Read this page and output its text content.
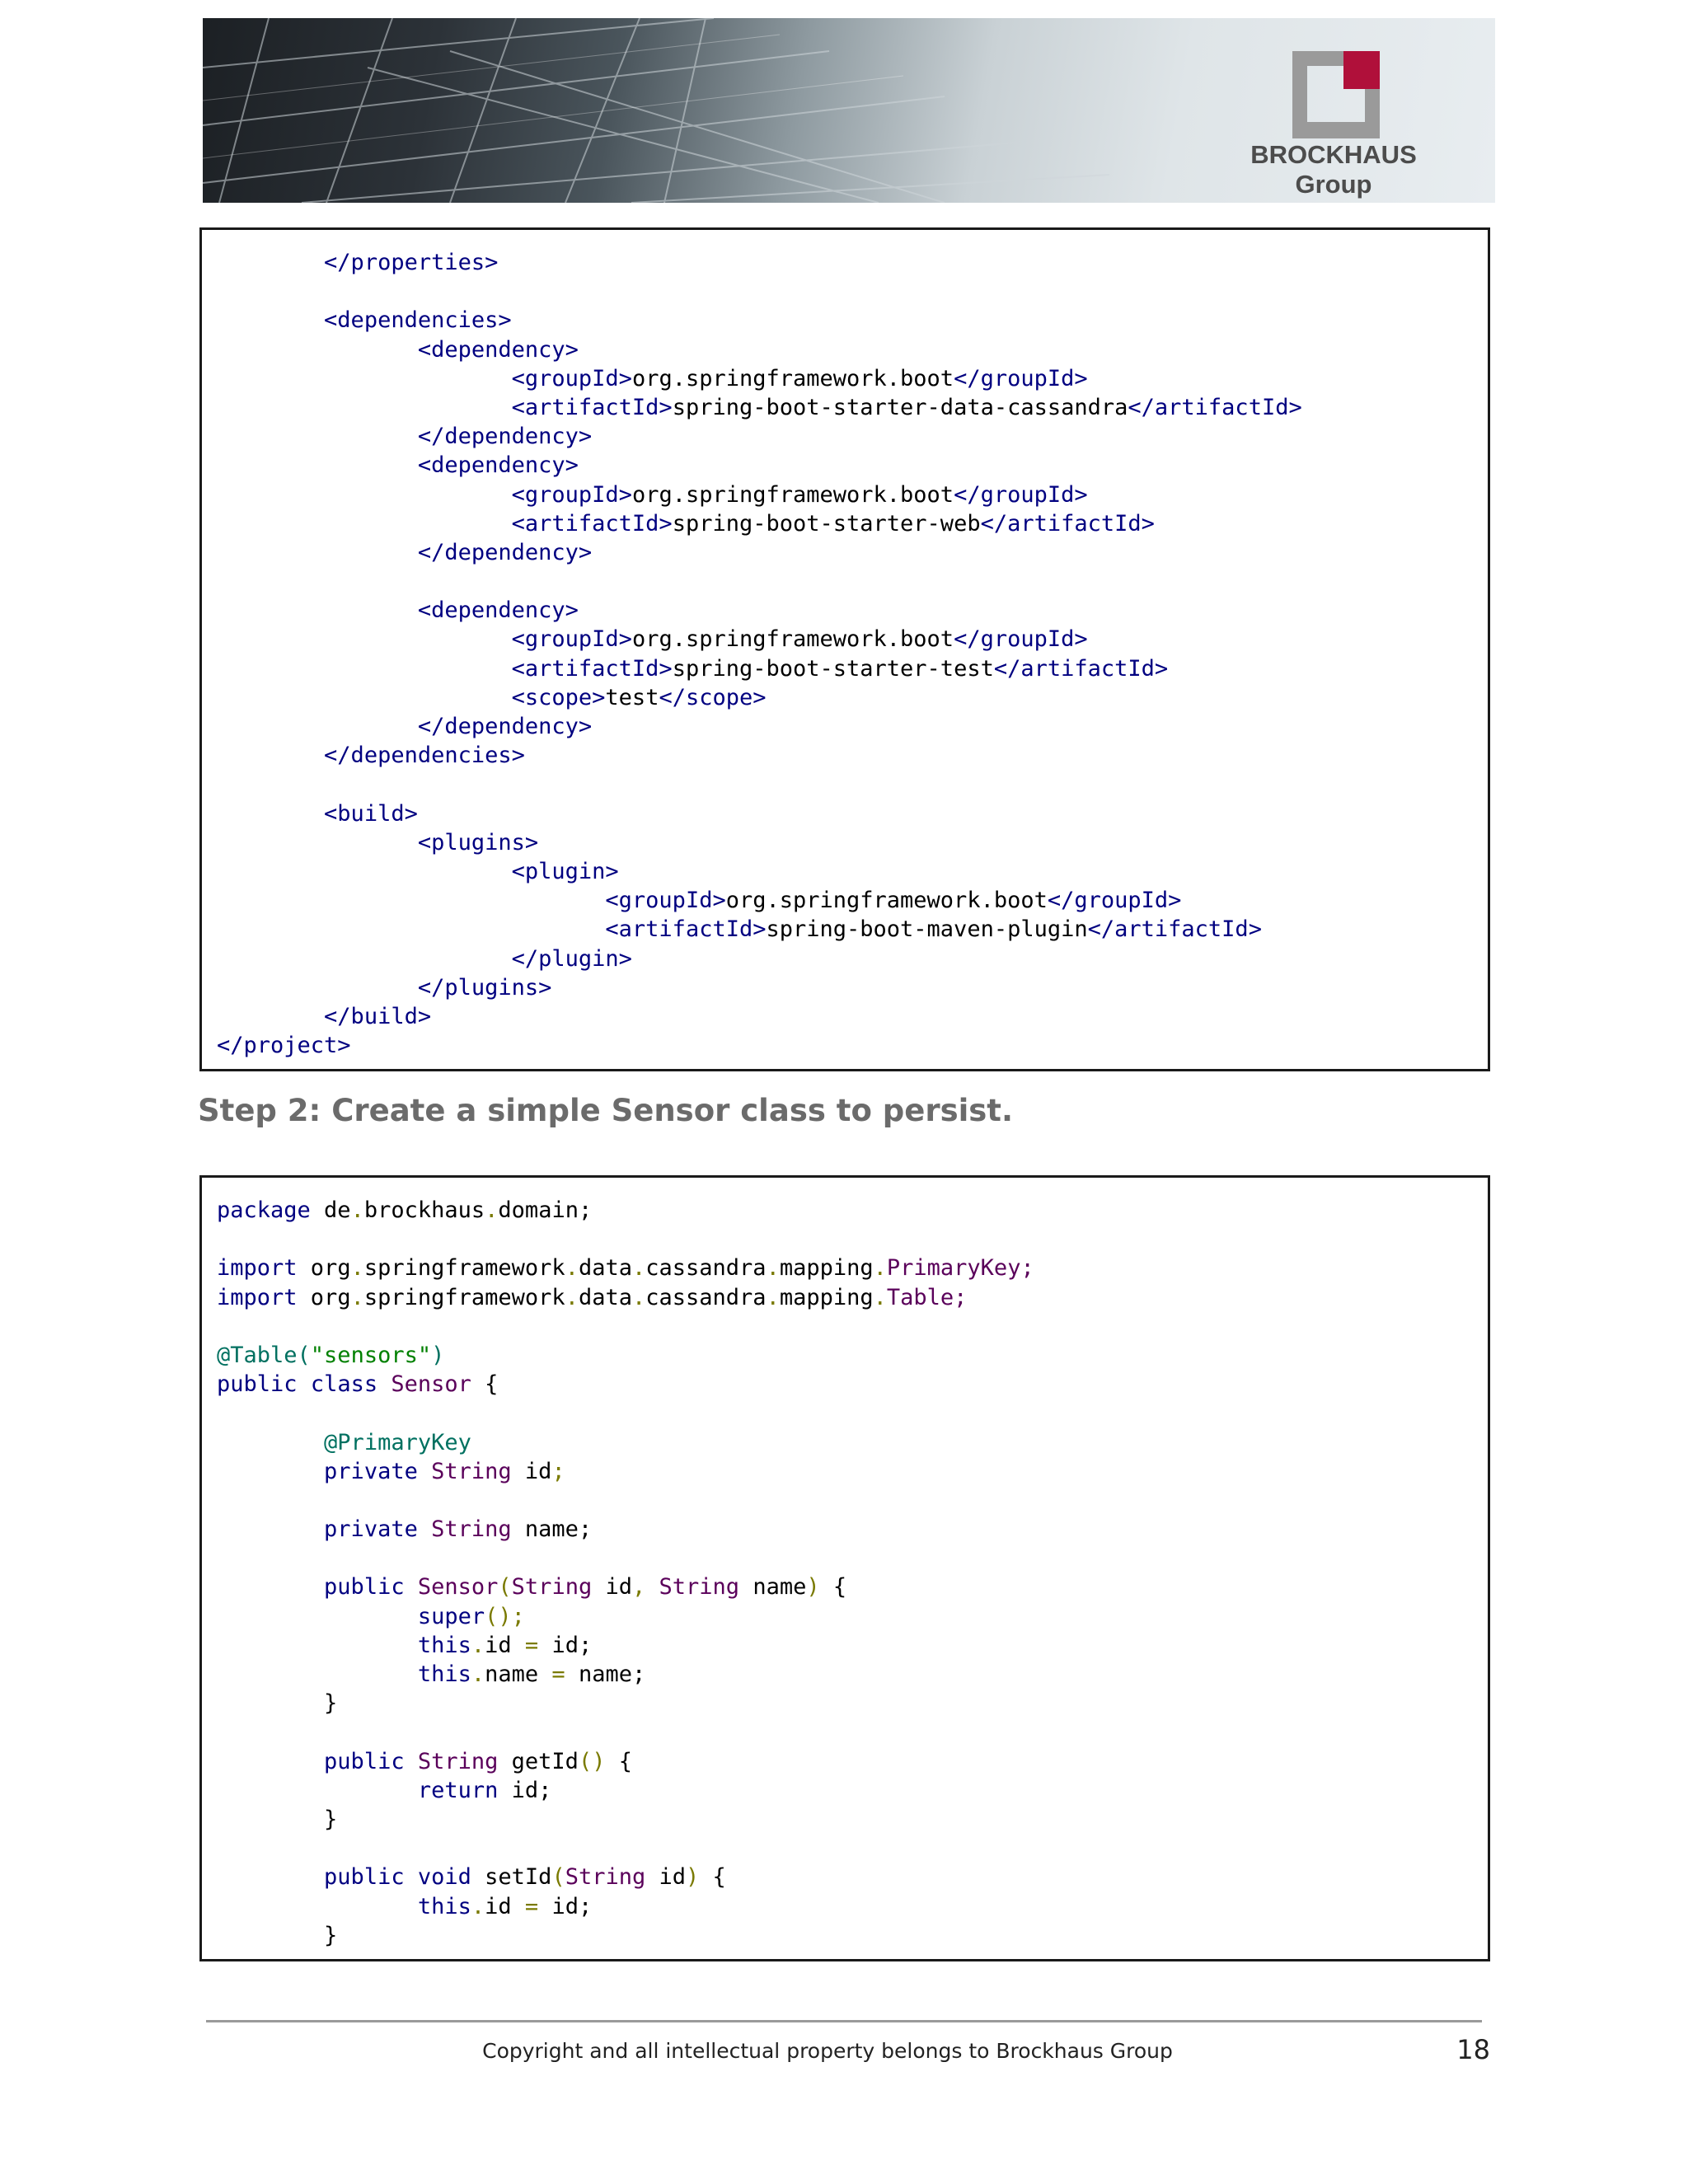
BROCKHAUS Group
</properties>

<dependencies>
<dependency>
<groupId>org.springframework.boot</groupId>
<artifactId>spring-boot-starter-data-cassandra</artifactId>
</dependency>
<dependency>
<groupId>org.springframework.boot</groupId>
<artifactId>spring-boot-starter-web</artifactId>
</dependency>

<dependency>
<groupId>org.springframework.boot</groupId>
<artifactId>spring-boot-starter-test</artifactId>
<scope>test</scope>
</dependency>
</dependencies>

<build>
<plugins>
<plugin>
<groupId>org.springframework.boot</groupId>
<artifactId>spring-boot-maven-plugin</artifactId>
</plugin>
</plugins>
</build>
</project>
Step 2: Create a simple Sensor class to persist.
package de.brockhaus.domain;

import org.springframework.data.cassandra.mapping.PrimaryKey;
import org.springframework.data.cassandra.mapping.Table;

@Table("sensors")
public class Sensor {

@PrimaryKey
private String id;

private String name;

public Sensor(String id, String name) {
super();
this.id = id;
this.name = name;
}

public String getId() {
return id;
}

public void setId(String id) {
this.id = id;
}
Copyright and all intellectual property belongs to Brockhaus Group	18
